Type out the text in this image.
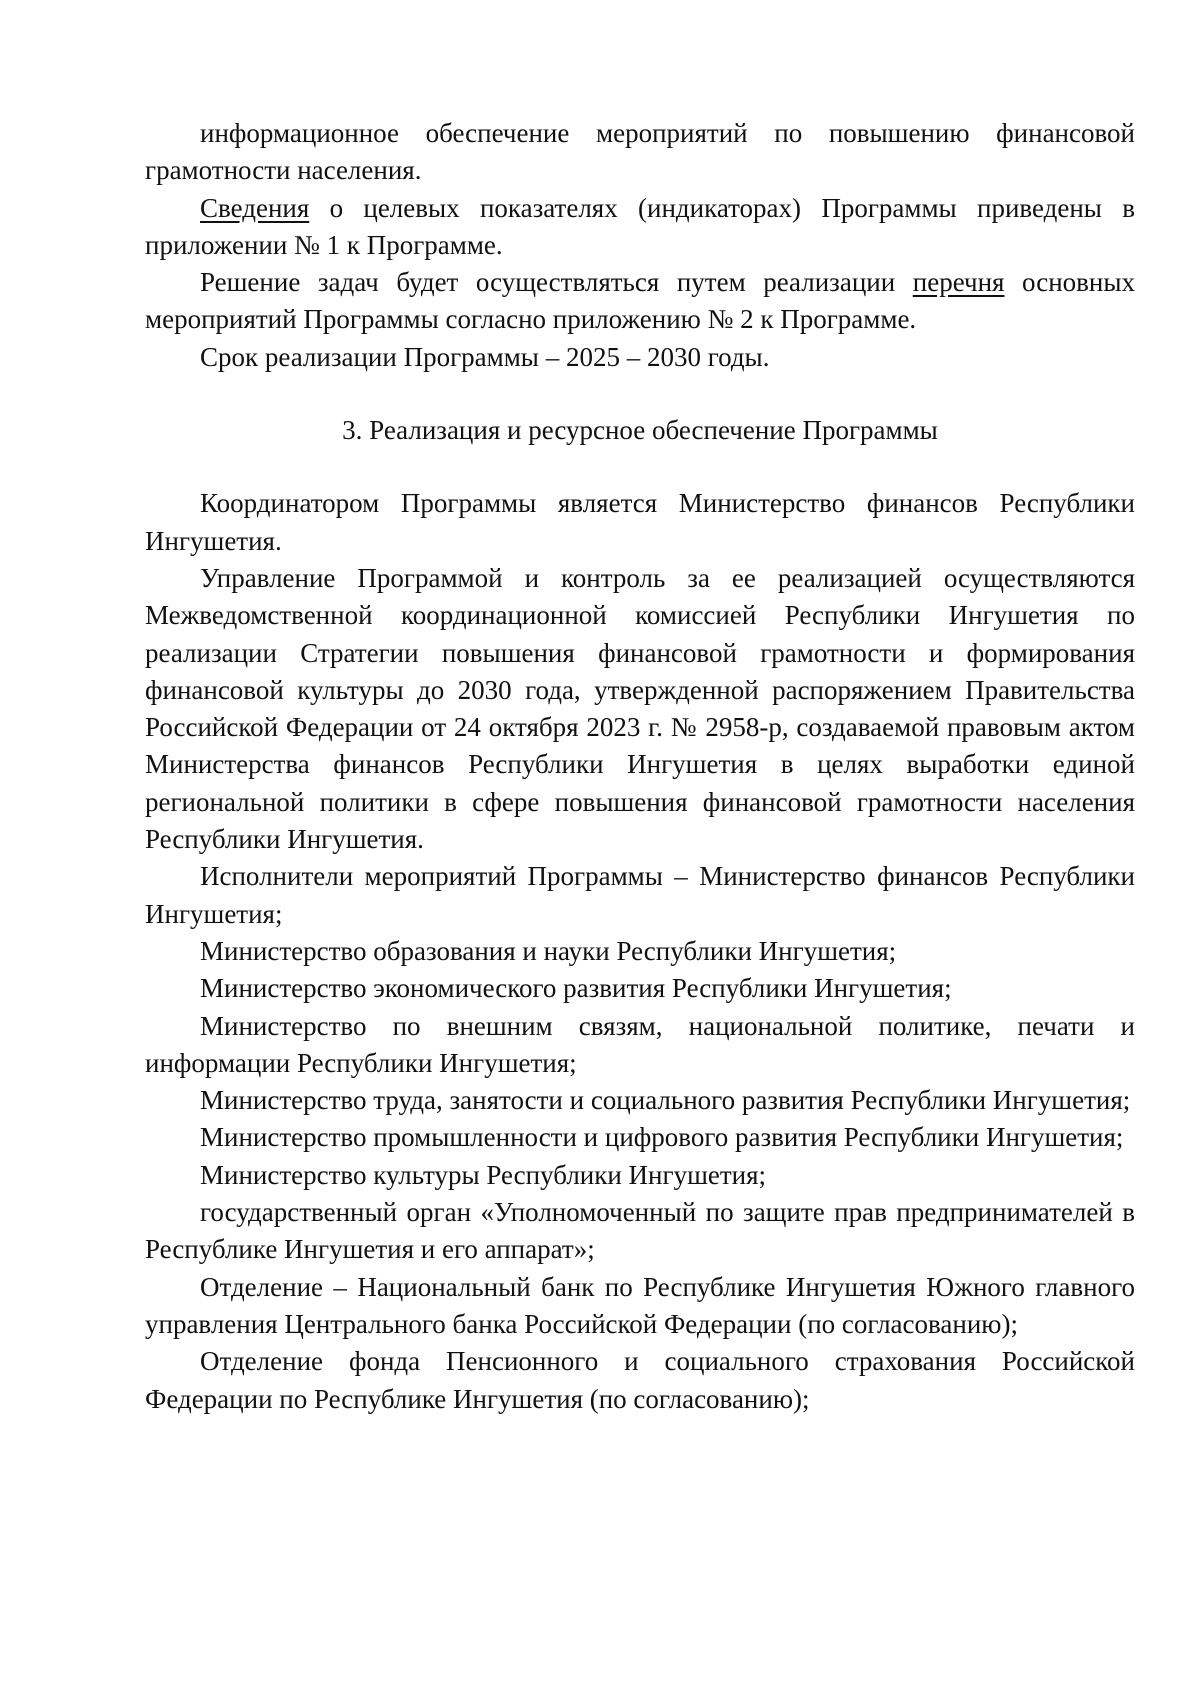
информационное обеспечение мероприятий по повышению финансовой грамотности населения.

Сведения о целевых показателях (индикаторах) Программы приведены в приложении № 1 к Программе.

Решение задач будет осуществляться путем реализации перечня основных мероприятий Программы согласно приложению № 2 к Программе.

Срок реализации Программы – 2025 – 2030 годы.

3. Реализация и ресурсное обеспечение Программы

Координатором Программы является Министерство финансов Республики Ингушетия.

Управление Программой и контроль за ее реализацией осуществляются Межведомственной координационной комиссией Республики Ингушетия по реализации Стратегии повышения финансовой грамотности и формирования финансовой культуры до 2030 года, утвержденной распоряжением Правительства Российской Федерации от 24 октября 2023 г. № 2958-р, создаваемой правовым актом Министерства финансов Республики Ингушетия в целях выработки единой региональной политики в сфере повышения финансовой грамотности населения Республики Ингушетия.

Исполнители мероприятий Программы – Министерство финансов Республики Ингушетия;

Министерство образования и науки Республики Ингушетия;

Министерство экономического развития Республики Ингушетия;

Министерство по внешним связям, национальной политике, печати и информации Республики Ингушетия;

Министерство труда, занятости и социального развития Республики Ингушетия;

Министерство промышленности и цифрового развития Республики Ингушетия;

Министерство культуры Республики Ингушетия;

государственный орган «Уполномоченный по защите прав предпринимателей в Республике Ингушетия и его аппарат»;

Отделение – Национальный банк по Республике Ингушетия Южного главного управления Центрального банка Российской Федерации (по согласованию);

Отделение фонда Пенсионного и социального страхования Российской Федерации по Республике Ингушетия (по согласованию);
